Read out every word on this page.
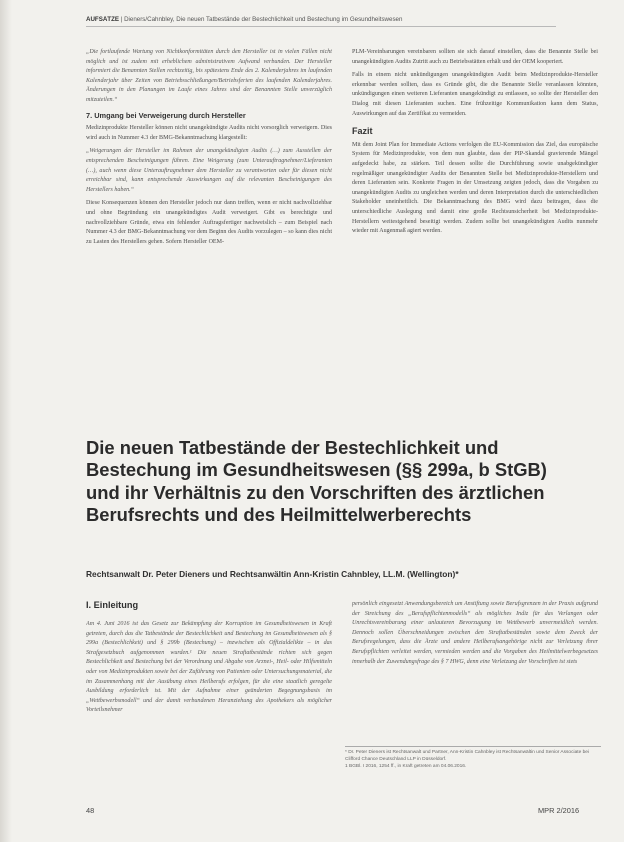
AUFSÄTZE | Dieners/Cahnbley, Die neuen Tatbestände der Bestechlichkeit und Bestechung im Gesundheitswesen

„Die fortlaufende Wartung von Nichtkonformitäten durch den Hersteller ist in vielen Fällen nicht möglich und ist zudem mit erheblichem administrativem Aufwand verbunden. Der Hersteller informiert die Benannten Stellen rechtzeitig, bis spätestens Ende des 2. Kalenderjahres im laufenden Kalenderjahr über Zeiten von Betriebsschließungen/Betriebsferien des laufenden Kalenderjahres. Änderungen in den Planungen im Laufe eines Jahres sind der Benannten Stelle unverzüglich mitzuteilen.“

7. Umgang bei Verweigerung durch Hersteller

Medizinprodukte Hersteller können nicht unangekündigte Audits nicht vorsorglich verweigern. Dies wird auch in Nummer 4.3 der BMG-Bekanntmachung klargestellt:

„Weigerungen der Hersteller im Rahmen der unangekündigten Audits (…) zum Ausstellen der entsprechenden Bescheinigungen führen. Eine Weigerung (zum Unterauftragnehmer/Lieferanten (…), auch wenn diese Unterauftragnehmer dem Hersteller zu verantworten oder für diesen nicht erreichbar sind, kann entsprechende Auswirkungen auf die relevanten Bescheinigungen des Herstellers haben.“

Diese Konsequenzen können den Hersteller jedoch nur dann treffen, wenn er nicht nachvollziehbar und ohne Begründung ein unangekündigtes Audit verweigert. Gibt es berechtigte und nachvollziehbare Gründe, etwa ein fehlender Auftragsfertiger nachweislich – zum Beispiel nach Nummer 4.3 der BMG-Bekanntmachung vor dem Beginn des Audits vorzulegen – so kann dies nicht zu Lasten des Herstellers gehen. Sofern Hersteller OEM-

PLM-Vereinbarungen vereinbaren sollten sie sich darauf einstellen, dass die Benannte Stelle bei unangekündigten Audits Zutritt auch zu Betriebsstätten erhält und der OEM kooperiert.

Falls in einem nicht unkündigungen unangekündigten Audit beim Medizinprodukte-Hersteller erkennbar werden sollten, dass es Gründe gibt, die die Benannte Stelle veranlassen könnten, unkündigungen einen weiteren Lieferanten unangekündigt zu entlassen, so sollte der Hersteller den Dialog mit diesen Lieferanten suchen. Eine frühzeitige Kommunikation kann dem Status, Auswirkungen auf das Zertifikat zu vermeiden.

Fazit

Mit dem Joint Plan for Immediate Actions verfolgen die EU-Kommission das Ziel, das europäische System für Medizinprodukte, von dem nun glaubte, dass der PIP-Skandal gravierende Mängel aufgedeckt habe, zu stärken. Teil dessen sollte die Durchführung sowie unabgekündigter regelmäßiger unangekündigter Audits der Benannten Stelle bei Medizinprodukte-Herstellern und deren Lieferanten sein. Konkrete Fragen in der Umsetzung zeigten jedoch, dass die Vorgaben zu unangekündigten Audits zu ungleichen werden und deren Interpretation durch die unterschiedlichen Stakeholder uneinheitlich. Die Bekanntmachung des BMG wird dazu beitragen, dass die unterschiedliche Auslegung und damit eine große Rechtsunsicherheit bei Medizinprodukte-Herstellern weitestgehend beseitigt werden. Zudem sollte bei unangekündigten Audits nunmehr wieder mit Augenmaß agiert werden.

Die neuen Tatbestände der Bestechlichkeit und Bestechung im Gesundheitswesen (§§ 299a, b StGB) und ihr Verhältnis zu den Vorschriften des ärztlichen Berufsrechts und des Heilmittelwerberechts
Rechtsanwalt Dr. Peter Dieners und Rechtsanwältin Ann-Kristin Cahnbley, LL.M. (Wellington)*
I. Einleitung

Am 4. Juni 2016 ist das Gesetz zur Bekämpfung der Korruption im Gesundheitswesen in Kraft getreten, durch das die Tatbestände der Bestechlichkeit und Bestechung im Gesundheitswesen als § 299a (Bestechlichkeit) und § 299b (Bestechung) – inzwischen als Offizialdelikte – in das Strafgesetzbuch aufgenommen wurden.¹ Die neuen Straftatbestände richten sich gegen Bestechlichkeit und Bestechung bei der Verordnung und Abgabe von Arznei-, Heil- oder Hilfsmitteln oder von Medizinprodukten sowie bei der Zuführung von Patienten oder Untersuchungsmaterial, die im Zusammenhang mit der Ausübung eines Heilberufs erfolgen, für die eine staatlich geregelte Ausbildung erforderlich ist. Mit der Aufnahme einer geänderten Begegnungsbasis im „Wettbewerbsmodell“ und der damit verbundenen Heranziehung des Apothekers als möglicher Vorteilsnehmer

persönlich eingesetzt Anwendungsbereich um Anstiftung sowie Berufsgrenzen in der Praxis aufgrund der Streichung des „Berufspflichtenmodells“ als mögliches Indiz für das Verlangen oder Unrechtsvereinbarung einer unlauteren Bevorzugung im Wettbewerb unvermeidlich werden. Dennoch sollen Überschneidungen zwischen den Straftatbeständen sowie dem Zweck der Berufsregelungen, dass die Ärzte und andere Heilberufsangehörige nicht zur Verletzung ihrer Berufspflichten verleitet werden, vermieden werden und die Vorgaben des Heilmittelwerbegesetzes innerhalb der Zuwendungsfrage des § 7 HWG, denn eine Verletzung der Vorschriften ist stets

* Dr. Peter Dieners ist Rechtsanwalt und Partner, Ann-Kristin Cahnbley ist Rechtsanwältin und Senior Associate bei Clifford Chance Deutschland LLP in Düsseldorf.

1 BGBl. I 2016, 1254 ff., in Kraft getreten am 04.06.2016.

48	MPR 2/2016
